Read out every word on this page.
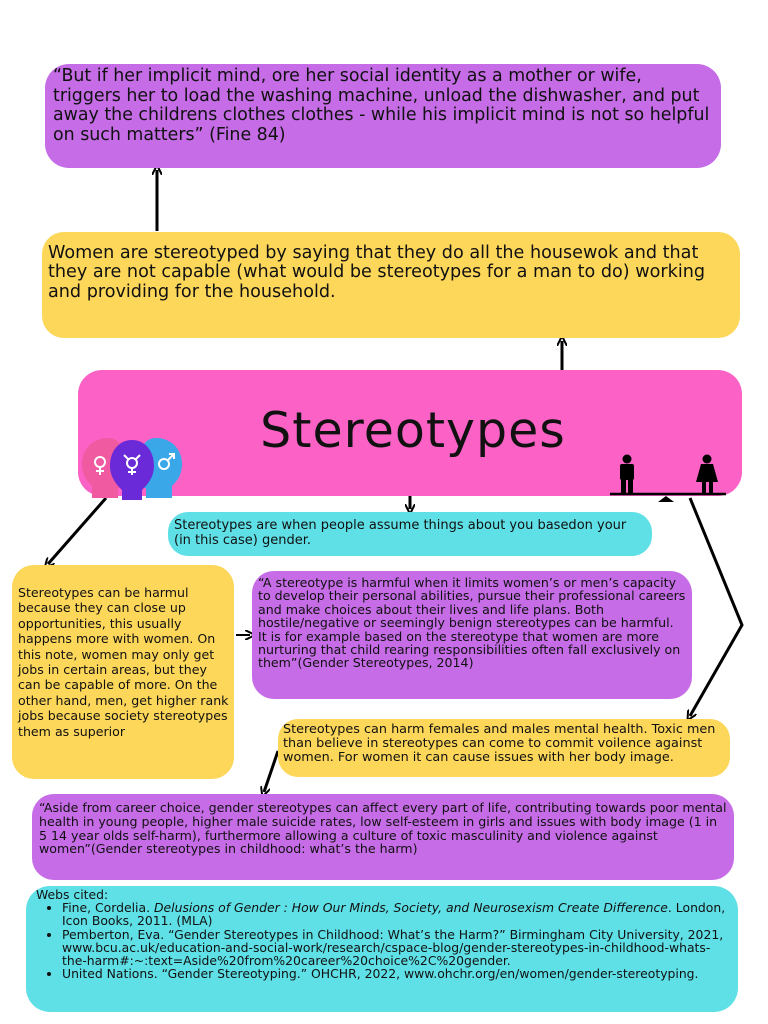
“But if her implicit mind, ore her social identity as a mother or wife, triggers her to load the washing machine, unload the dishwasher, and put away the childrens clothes clothes - while his implicit mind is not so helpful on such matters” (Fine 84)
Women are stereotyped by saying that they do all the housewok and that they are not capable (what would be stereotypes for a man to do) working and providing for the household.
Stereotypes
Stereotypes are when people assume things about you basedon your (in this case) gender.
Stereotypes can be harmul because they can close up opportunities, this usually happens more with women. On this note, women may only get jobs in certain areas, but they can be capable of more. On the other hand, men, get higher rank jobs because society stereotypes them as superior
“A stereotype is harmful when it limits women’s or men’s capacity to develop their personal abilities, pursue their professional careers and make choices about their lives and life plans. Both hostile/negative or seemingly benign stereotypes can be harmful. It is for example based on the stereotype that women are more nurturing that child rearing responsibilities often fall exclusively on them”(Gender Stereotypes, 2014)
Stereotypes can harm females and males mental health. Toxic men than believe in stereotypes can come to commit voilence against women. For women it can cause issues with her body image.
“Aside from career choice, gender stereotypes can affect every part of life, contributing towards poor mental health in young people, higher male suicide rates, low self-esteem in girls and issues with body image (1 in 5 14 year olds self-harm), furthermore allowing a culture of toxic masculinity and violence against women”(Gender stereotypes in childhood: what’s the harm)
Webs cited:
• Fine, Cordelia. Delusions of Gender : How Our Minds, Society, and Neurosexism Create Difference. London, Icon Books, 2011. (MLA)
• Pemberton, Eva. “Gender Stereotypes in Childhood: What’s the Harm?” Birmingham City University, 2021, www.bcu.ac.uk/education-and-social-work/research/cspace-blog/gender-stereotypes-in-childhood-whats-the-harm#:~:text=Aside%20from%20career%20choice%2C%20gender.
• United Nations. “Gender Stereotyping.” OHCHR, 2022, www.ohchr.org/en/women/gender-stereotyping.
